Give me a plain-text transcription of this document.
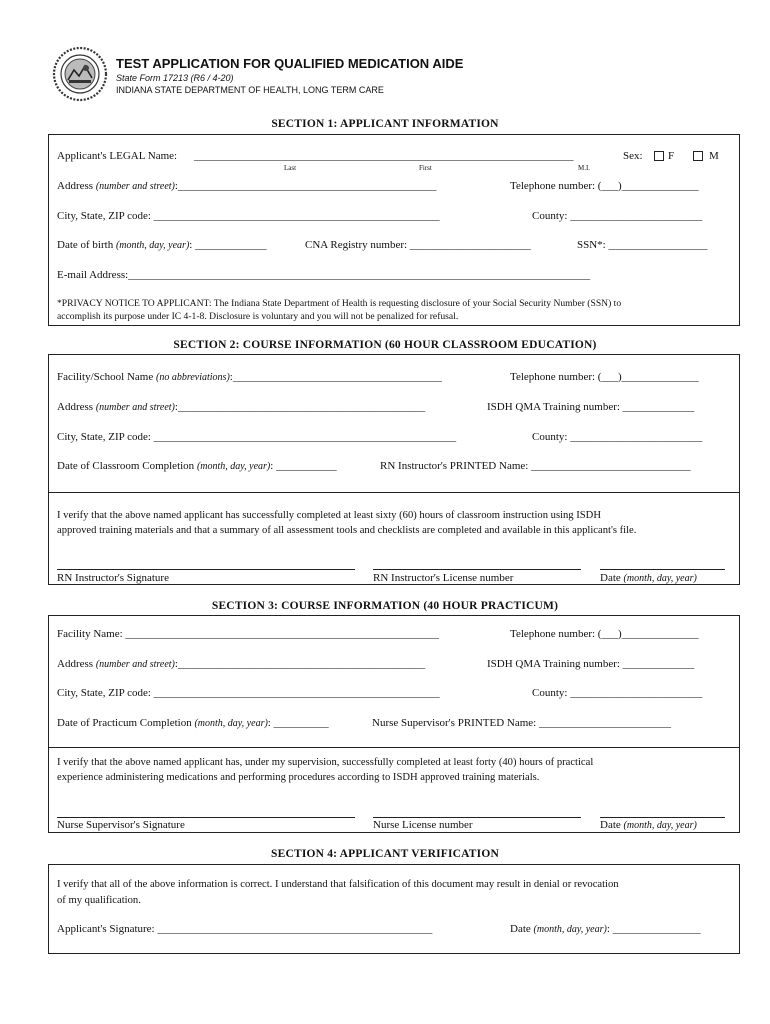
TEST APPLICATION FOR QUALIFIED MEDICATION AIDE
State Form 17213 (R6 / 4-20)
INDIANA STATE DEPARTMENT OF HEALTH, LONG TERM CARE
SECTION 1: APPLICANT INFORMATION
Applicant's LEGAL Name: _____________________________________________________________________
Last	First	M.I.
Sex: F	M
Address (number and street):_______________________________________________	Telephone number: (___)______________
City, State, ZIP code: ____________________________________________________	County: ________________________
Date of birth (month, day, year): _____________	CNA Registry number: ______________________	SSN*: __________________
E-mail Address:____________________________________________________________________________________
*PRIVACY NOTICE TO APPLICANT: The Indiana State Department of Health is requesting disclosure of your Social Security Number (SSN) to
accomplish its purpose under IC 4-1-8. Disclosure is voluntary and you will not be penalized for refusal.
SECTION 2: COURSE INFORMATION (60 HOUR CLASSROOM EDUCATION)
Facility/School Name (no abbreviations):______________________________________	Telephone number: (___)______________
Address (number and street):_____________________________________________	ISDH QMA Training number: _____________
City, State, ZIP code: _______________________________________________________	County: ________________________
Date of Classroom Completion (month, day, year): ___________	RN Instructor's PRINTED Name: _____________________________
I verify that the above named applicant has successfully completed at least sixty (60) hours of classroom instruction using ISDH
approved training materials and that a summary of all assessment tools and checklists are completed and available in this applicant's file.
RN Instructor's Signature	RN Instructor's License number	Date (month, day, year)
SECTION 3: COURSE INFORMATION (40 HOUR PRACTICUM)
Facility Name: _________________________________________________________	Telephone number: (___)______________
Address (number and street):_____________________________________________	ISDH QMA Training number: _____________
City, State, ZIP code: ____________________________________________________	County: ________________________
Date of Practicum Completion (month, day, year): __________	Nurse Supervisor's PRINTED Name: ________________________
I verify that the above named applicant has, under my supervision, successfully completed at least forty (40) hours of practical
experience administering medications and performing procedures according to ISDH approved training materials.
Nurse Supervisor's Signature	Nurse License number	Date (month, day, year)
SECTION 4: APPLICANT VERIFICATION
I verify that all of the above information is correct. I understand that falsification of this document may result in denial or revocation
of my qualification.
Applicant's Signature: __________________________________________________	Date (month, day, year): ________________
